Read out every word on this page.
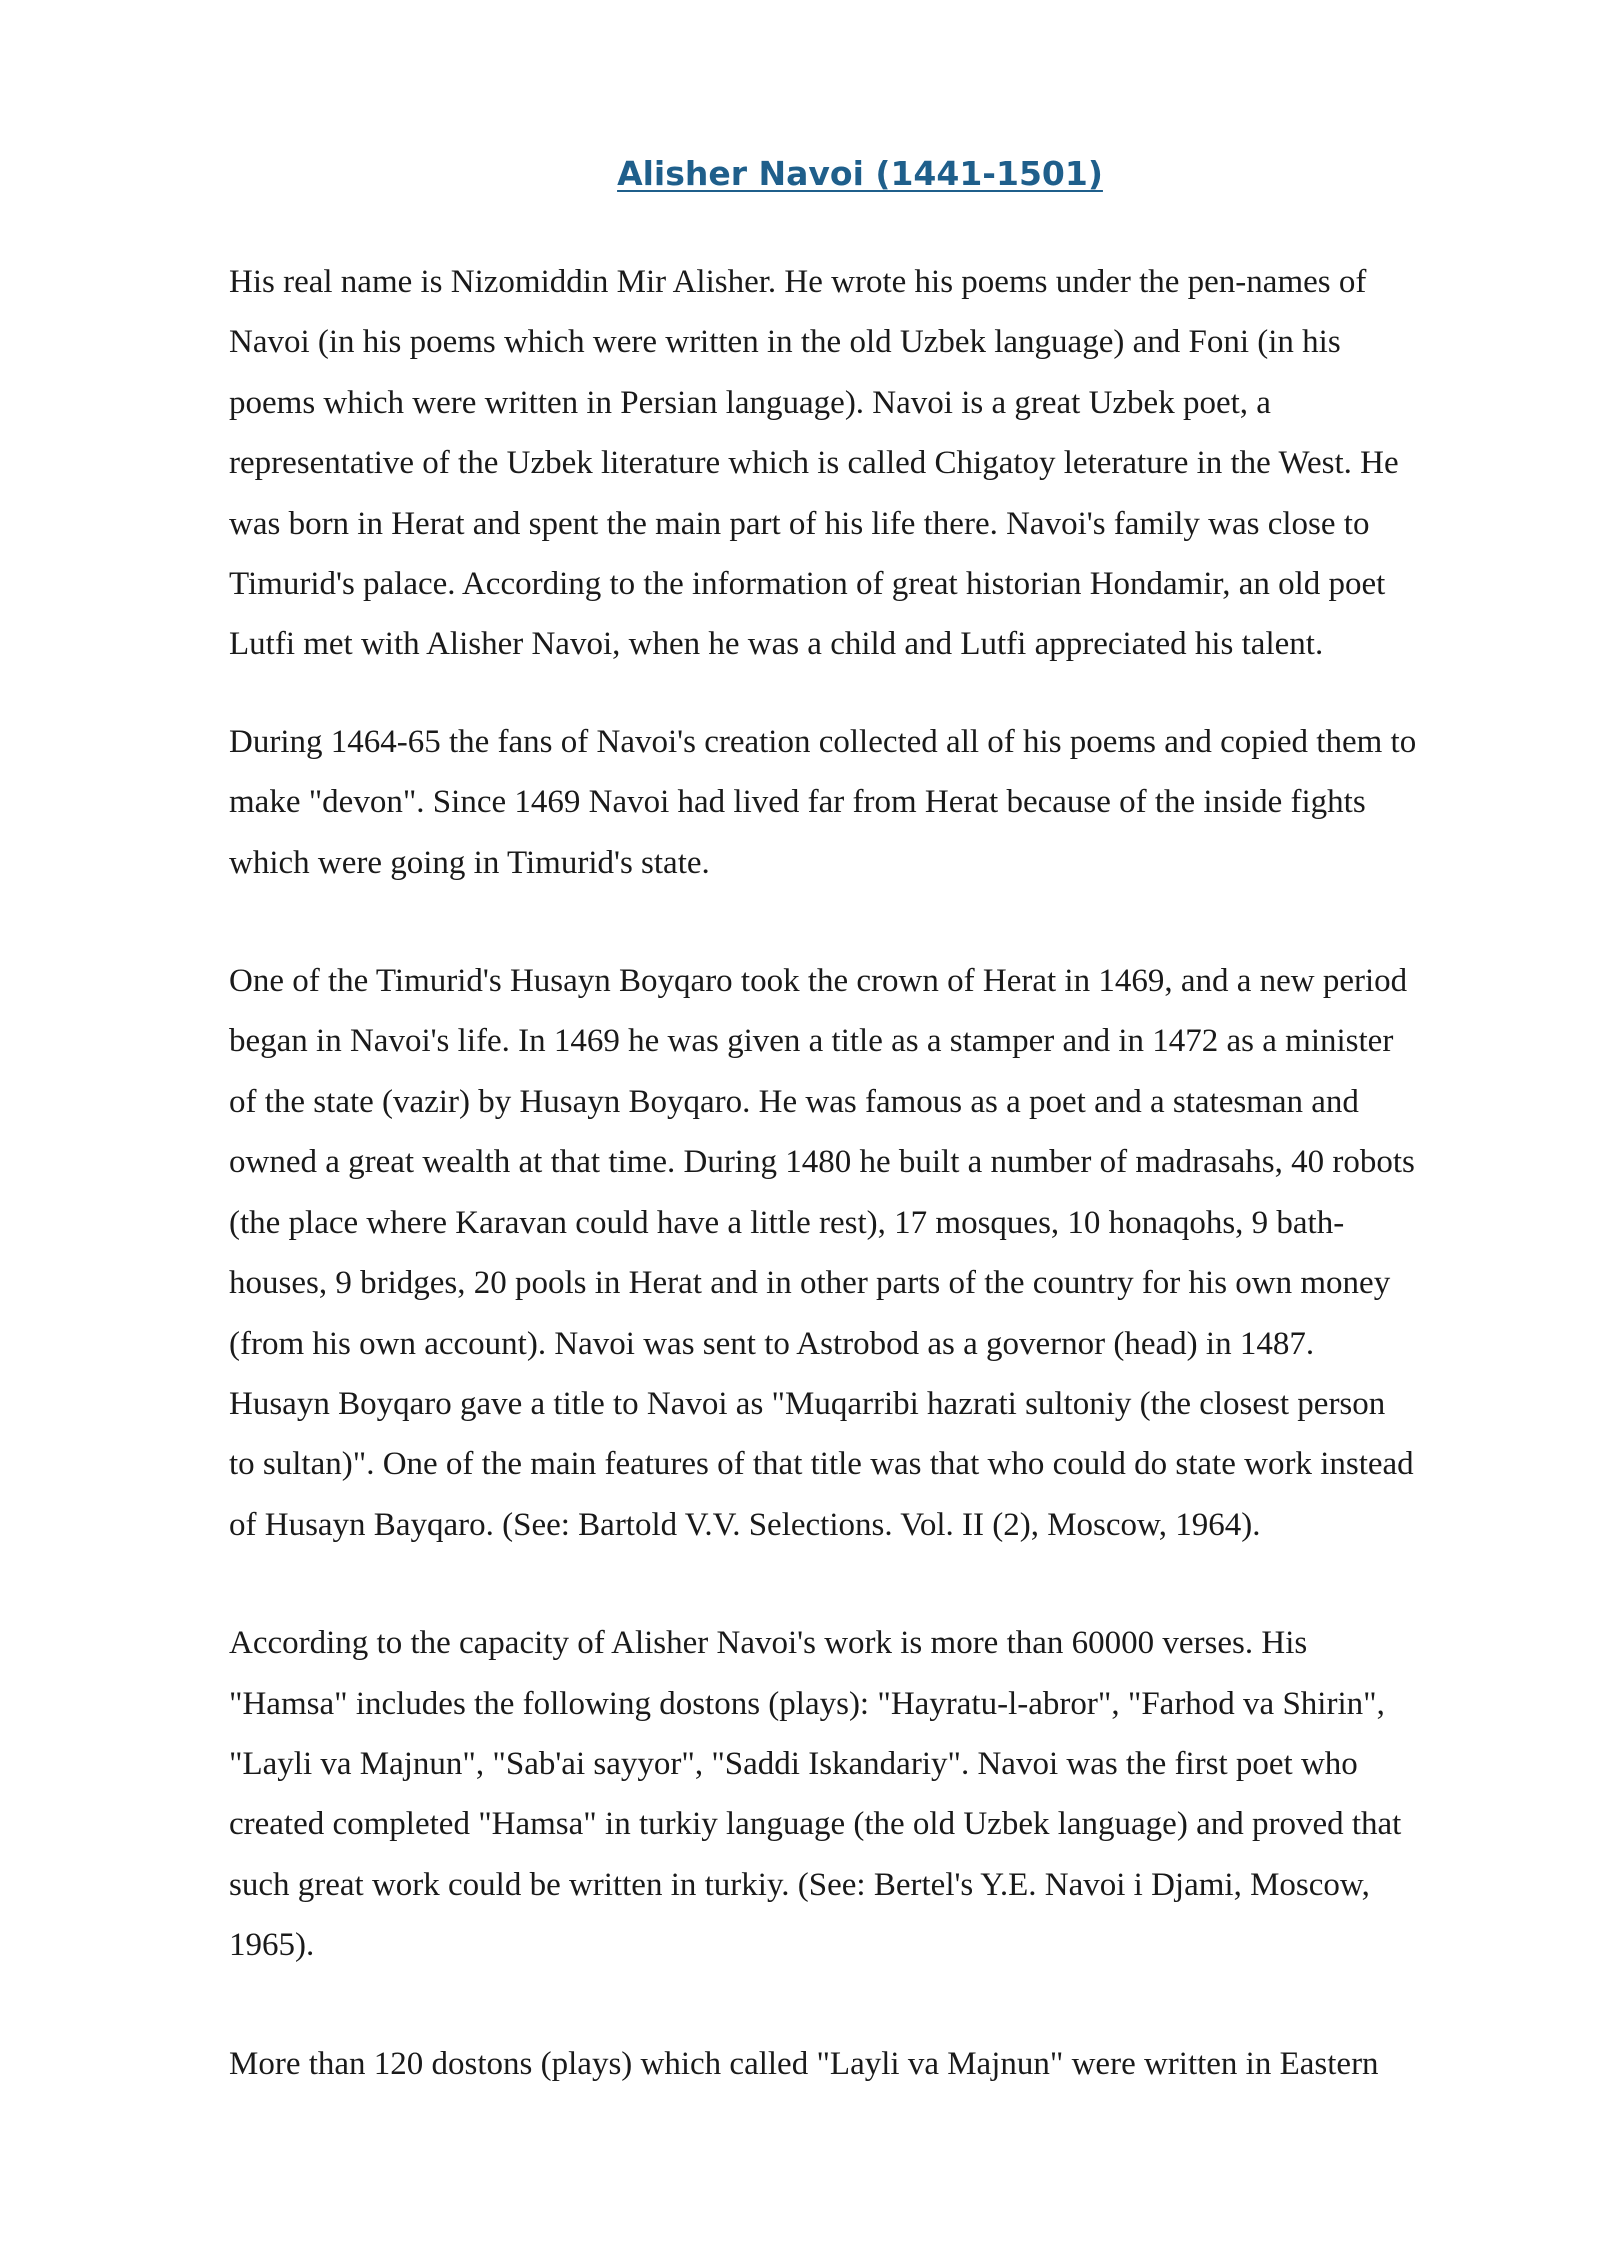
Alisher Navoi (1441-1501)

His real name is Nizomiddin Mir Alisher. He wrote his poems under the pen-names of

Navoi (in his poems which were written in the old Uzbek language) and Foni (in his

poems which were written in Persian language). Navoi is a great Uzbek poet, a

representative of the Uzbek literature which is called Chigatoy leterature in the West. He

was born in Herat and spent the main part of his life there. Navoi's family was close to

Timurid's palace. According to the information of great historian Hondamir, an old poet

Lutfi met with Alisher Navoi, when he was a child and Lutfi appreciated his talent.

During 1464-65 the fans of Navoi's creation collected all of his poems and copied them to

make "devon". Since 1469 Navoi had lived far from Herat because of the inside fights

which were going in Timurid's state.

One of the Timurid's Husayn Boyqaro took the crown of Herat in 1469, and a new period

began in Navoi's life. In 1469 he was given a title as a stamper and in 1472 as a minister

of the state (vazir) by Husayn Boyqaro. He was famous as a poet and a statesman and

owned a great wealth at that time. During 1480 he built a number of madrasahs, 40 robots

(the place where Karavan could have a little rest), 17 mosques, 10 honaqohs, 9 bath-

houses, 9 bridges, 20 pools in Herat and in other parts of the country for his own money

(from his own account). Navoi was sent to Astrobod as a governor (head) in 1487.

Husayn Boyqaro gave a title to Navoi as "Muqarribi hazrati sultoniy (the closest person

to sultan)". One of the main features of that title was that who could do state work instead

of Husayn Bayqaro. (See: Bartold V.V. Selections. Vol. II (2), Moscow, 1964).

According to the capacity of Alisher Navoi's work is more than 60000 verses. His

"Hamsa" includes the following dostons (plays): "Hayratu-l-abror", "Farhod va Shirin",

"Layli va Majnun", "Sab'ai sayyor", "Saddi Iskandariy". Navoi was the first poet who

created completed "Hamsa" in turkiy language (the old Uzbek language) and proved that

such great work could be written in turkiy. (See: Bertel's Y.E. Navoi i Djami, Moscow,

1965).

More than 120 dostons (plays) which called "Layli va Majnun" were written in Eastern
